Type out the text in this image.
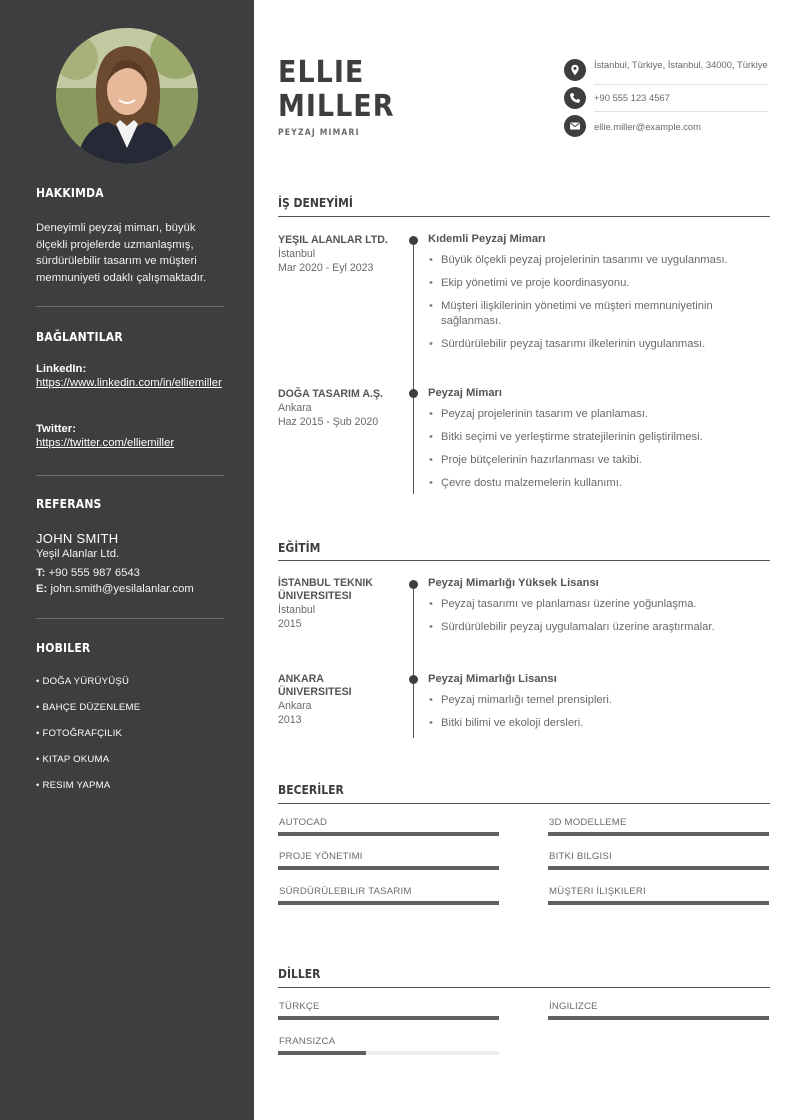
HAKKIMDA
Deneyimli peyzaj mimarı, büyük ölçekli projelerde uzmanlaşmış, sürdürülebilir tasarım ve müşteri memnuniyeti odaklı çalışmaktadır.
BAĞLANTILAR
LinkedIn:
https://www.linkedin.com/in/elliemiller
Twitter:
https://twitter.com/elliemiller
REFERANS
JOHN SMITH
Yeşil Alanlar Ltd.
T: +90 555 987 6543
E: john.smith@yesilalanlar.com
HOBILER
• DOĞA YÜRÜYÜŞÜ
• BAHÇE DÜZENLEME
• FOTOĞRAFÇILIK
• KITAP OKUMA
• RESIM YAPMA
ELLIE
MILLER
PEYZAJ MIMARI
İstanbul, Türkiye, İstanbul, 34000, Türkiye
+90 555 123 4567
ellie.miller@example.com
İŞ DENEYİMİ
YEŞIL ALANLAR LTD.
İstanbul
Mar 2020 - Eyl 2023
Kıdemli Peyzaj Mimarı
• Büyük ölçekli peyzaj projelerinin tasarımı ve uygulanması.
• Ekip yönetimi ve proje koordinasyonu.
• Müşteri ilişkilerinin yönetimi ve müşteri memnuniyetinin sağlanması.
• Sürdürülebilir peyzaj tasarımı ilkelerinin uygulanması.
DOĞA TASARIM A.Ş.
Ankara
Haz 2015 - Şub 2020
Peyzaj Mimarı
• Peyzaj projelerinin tasarım ve planlaması.
• Bitki seçimi ve yerleştirme stratejilerinin geliştirilmesi.
• Proje bütçelerinin hazırlanması ve takibi.
• Çevre dostu malzemelerin kullanımı.
EĞİTİM
İSTANBUL TEKNIK ÜNIVERSITESI
İstanbul
2015
Peyzaj Mimarlığı Yüksek Lisansı
• Peyzaj tasarımı ve planlaması üzerine yoğunlaşma.
• Sürdürülebilir peyzaj uygulamaları üzerine araştırmalar.
ANKARA ÜNIVERSITESI
Ankara
2013
Peyzaj Mimarlığı Lisansı
• Peyzaj mimarlığı temel prensipleri.
• Bitki bilimi ve ekoloji dersleri.
BECERİLER
AUTOCAD	3D MODELLEME
PROJE YÖNETIMI	BITKI BILGISI
SÜRDÜRÜLEBILIR TASARIM	MÜŞTERI İLIŞKILERI
DİLLER
TÜRKÇE	İNGILIZCE
FRANSIZCA
